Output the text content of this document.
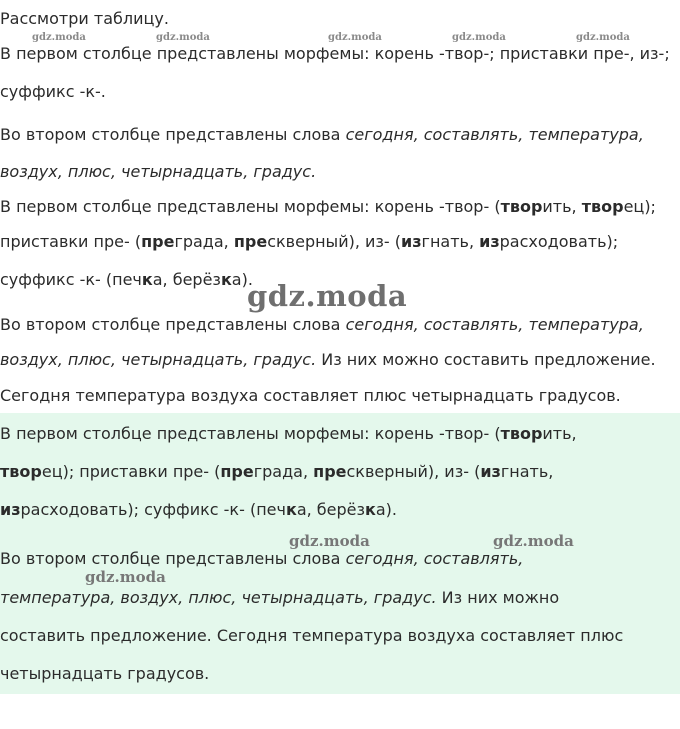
Рассмотри таблицу.
gdz.moda	gdz.moda	gdz.moda	gdz.moda	gdz.moda
В первом столбце представлены морфемы: корень -твор-; приставки пре-, из-;
суффикс -к-.
Во втором столбце представлены слова сегодня, составлять, температура,
воздух, плюс, четырнадцать, градус.
В первом столбце представлены морфемы: корень -твор- (творить, творец);
приставки пре- (преграда, прескверный), из- (изгнать, израсходовать);
суффикс -к- (печка, берёзка).
gdz.moda
Во втором столбце представлены слова сегодня, составлять, температура,
воздух, плюс, четырнадцать, градус. Из них можно составить предложение.
Сегодня температура воздуха составляет плюс четырнадцать градусов.
В первом столбце представлены морфемы: корень -твор- (творить,
творец); приставки пре- (преграда, прескверный), из- (изгнать,
израсходовать); суффикс -к- (печка, берёзка).
gdz.moda	gdz.moda
Во втором столбце представлены слова сегодня, составлять,
gdz.moda
температура, воздух, плюс, четырнадцать, градус. Из них можно
составить предложение. Сегодня температура воздуха составляет плюс
четырнадцать градусов.
